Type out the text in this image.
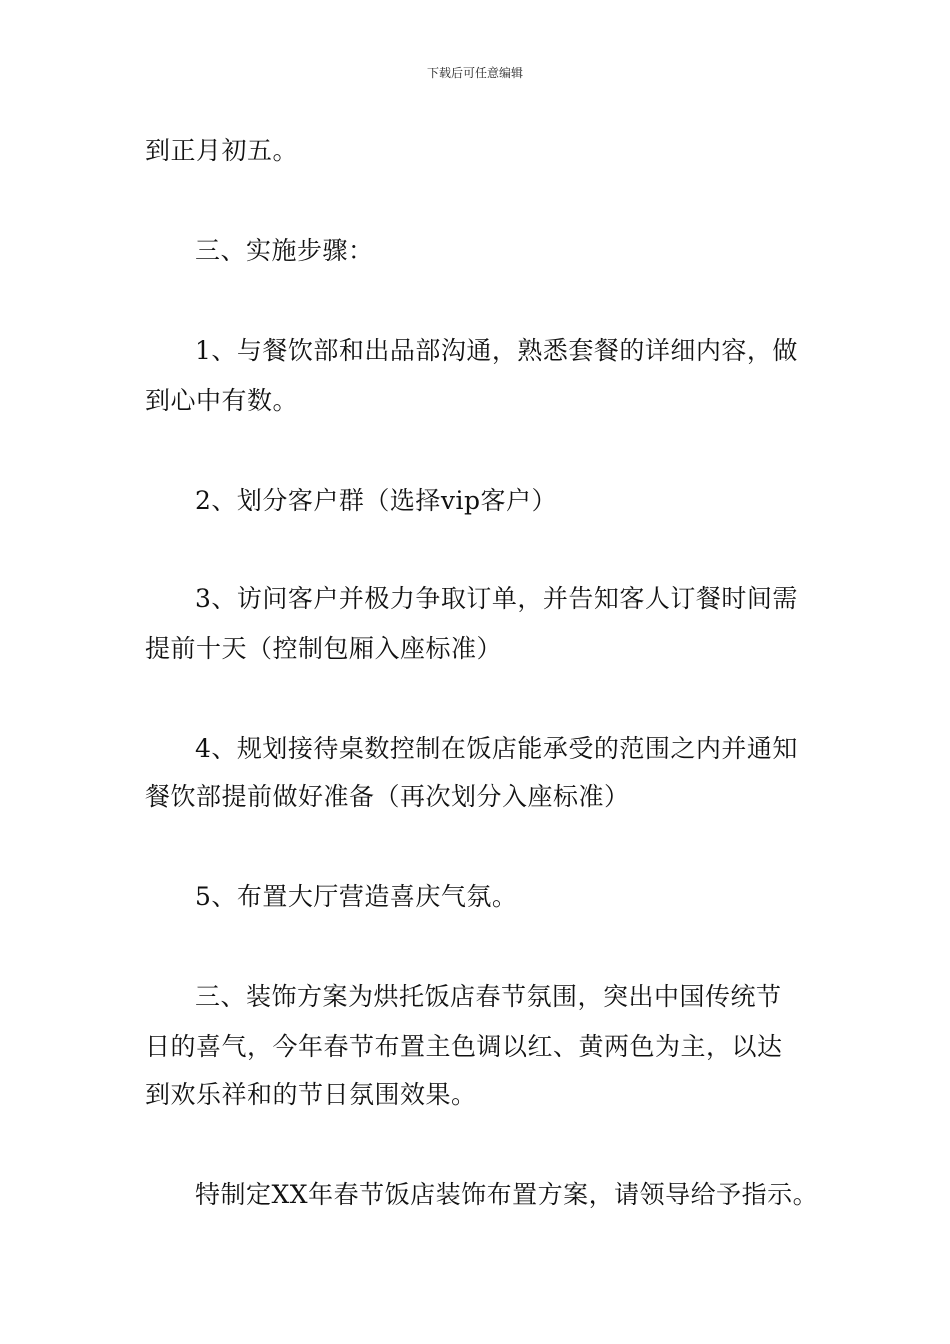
下载后可任意编辑
到正月初五。
三、实施步骤：
1、与餐饮部和出品部沟通，熟悉套餐的详细内容，做
到心中有数。
2、划分客户群（选择vip客户）
3、访问客户并极力争取订单，并告知客人订餐时间需
提前十天（控制包厢入座标准）
4、规划接待桌数控制在饭店能承受的范围之内并通知
餐饮部提前做好准备（再次划分入座标准）
5、布置大厅营造喜庆气氛。
三、装饰方案为烘托饭店春节氛围，突出中国传统节
日的喜气，今年春节布置主色调以红、黄两色为主，以达
到欢乐祥和的节日氛围效果。
特制定XX年春节饭店装饰布置方案，请领导给予指示。
